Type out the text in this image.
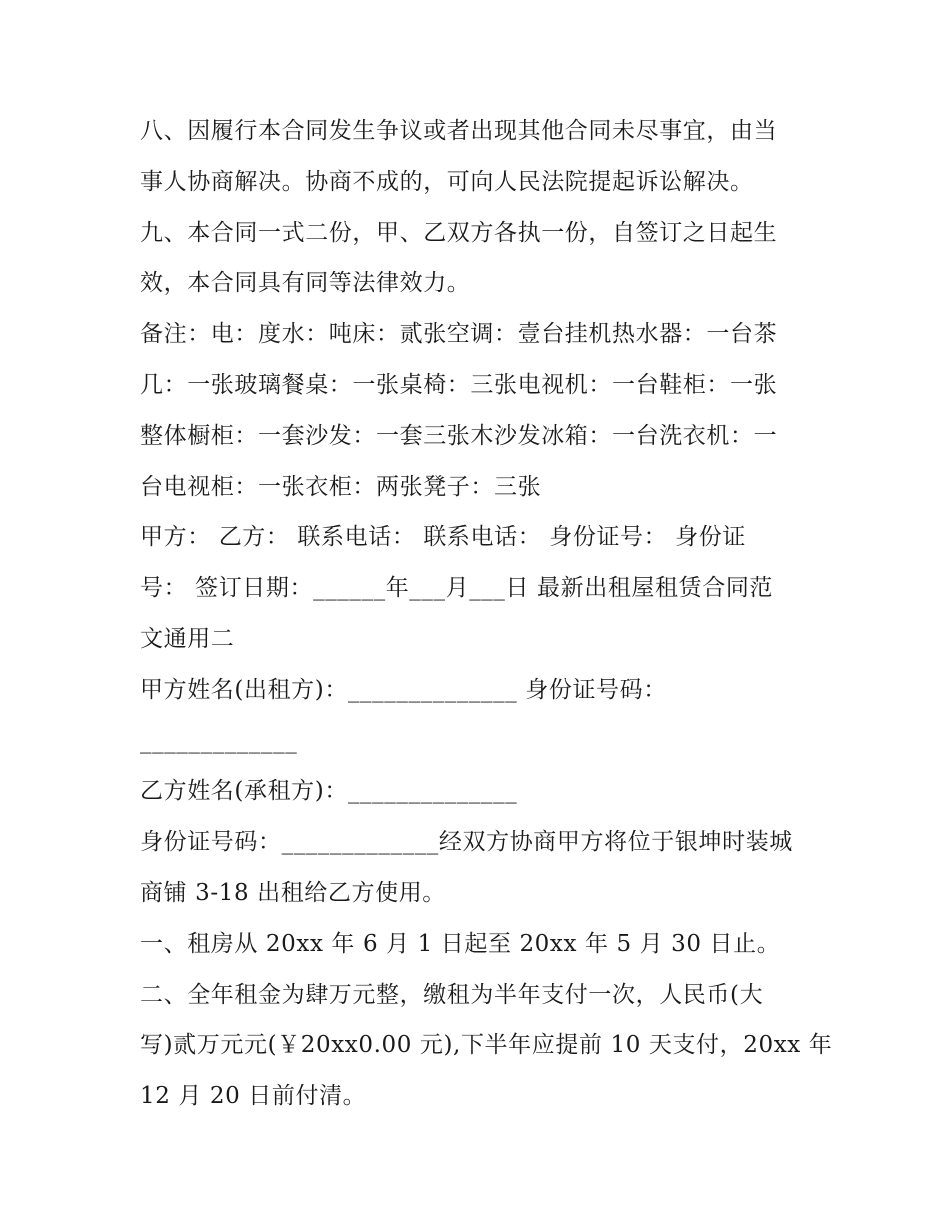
八、因履行本合同发生争议或者出现其他合同未尽事宜，由当
事人协商解决。协商不成的，可向人民法院提起诉讼解决。
九、本合同一式二份，甲、乙双方各执一份，自签订之日起生
效，本合同具有同等法律效力。
备注：电：度水：吨床：贰张空调：壹台挂机热水器：一台茶
几：一张玻璃餐桌：一张桌椅：三张电视机：一台鞋柜：一张
整体橱柜：一套沙发：一套三张木沙发冰箱：一台洗衣机：一
台电视柜：一张衣柜：两张凳子：三张
甲方： 乙方： 联系电话： 联系电话： 身份证号： 身份证
号： 签订日期：______年___月___日 最新出租屋租赁合同范
文通用二
甲方姓名(出租方)：______________ 身份证号码：
_____________
乙方姓名(承租方)：______________
身份证号码：_____________经双方协商甲方将位于银坤时装城
商铺 3-18 出租给乙方使用。
一、租房从 20xx 年 6 月 1 日起至 20xx 年 5 月 30 日止。
二、全年租金为肆万元整，缴租为半年支付一次，人民币(大
写)贰万元元(￥20xx0.00 元),下半年应提前 10 天支付，20xx 年
12 月 20 日前付清。
